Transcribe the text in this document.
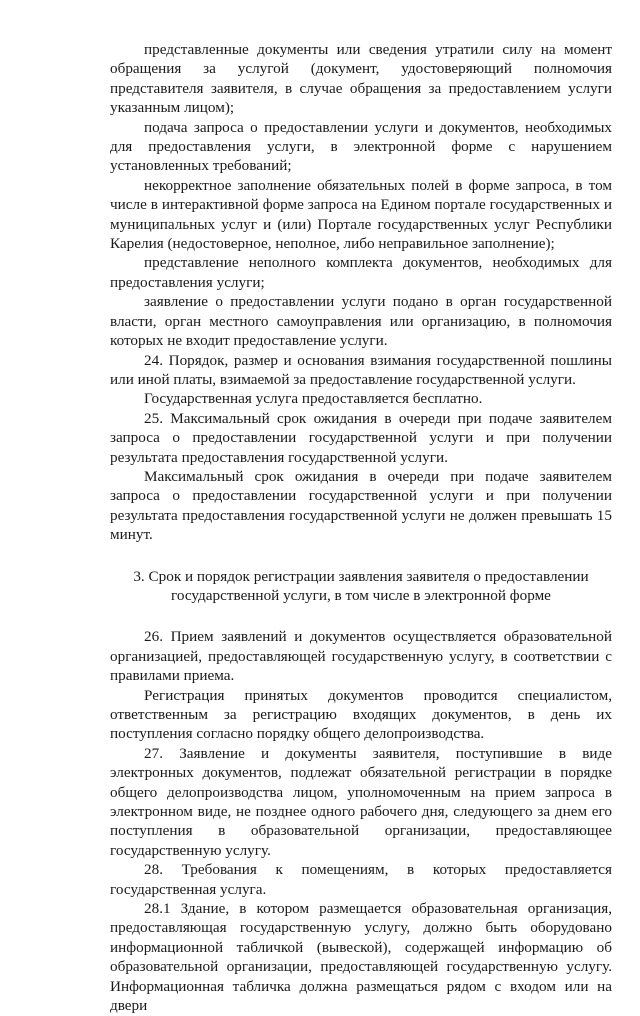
представленные документы или сведения утратили силу на момент обращения за услугой (документ, удостоверяющий полномочия представителя заявителя, в случае обращения за предоставлением услуги указанным лицом);

подача запроса о предоставлении услуги и документов, необходимых для предоставления услуги, в электронной форме с нарушением установленных требований;

некорректное заполнение обязательных полей в форме запроса, в том числе в интерактивной форме запроса на Едином портале государственных и муниципальных услуг и (или) Портале государственных услуг Республики Карелия (недостоверное, неполное, либо неправильное заполнение);

представление неполного комплекта документов, необходимых для предоставления услуги;

заявление о предоставлении услуги подано в орган государственной власти, орган местного самоуправления или организацию, в полномочия которых не входит предоставление услуги.

24. Порядок, размер и основания взимания государственной пошлины или иной платы, взимаемой за предоставление государственной услуги.

Государственная услуга предоставляется бесплатно.

25. Максимальный срок ожидания в очереди при подаче заявителем запроса о предоставлении государственной услуги и при получении результата предоставления государственной услуги.

Максимальный срок ожидания в очереди при подаче заявителем запроса о предоставлении государственной услуги и при получении результата предоставления государственной услуги не должен превышать 15 минут.

3. Срок и порядок регистрации заявления заявителя о предоставлении
государственной услуги, в том числе в электронной форме

26. Прием заявлений и документов осуществляется образовательной организацией, предоставляющей государственную услугу, в соответствии с правилами приема.

Регистрация принятых документов проводится специалистом, ответственным за регистрацию входящих документов, в день их поступления согласно порядку общего делопроизводства.

27. Заявление и документы заявителя, поступившие в виде электронных документов, подлежат обязательной регистрации в порядке общего делопроизводства лицом, уполномоченным на прием запроса в электронном виде, не позднее одного рабочего дня, следующего за днем его поступления в образовательной организации, предоставляющее государственную услугу.

28. Требования к помещениям, в которых предоставляется государственная услуга.

28.1 Здание, в котором размещается образовательная организация, предоставляющая государственную услугу, должно быть оборудовано информационной табличкой (вывеской), содержащей информацию об образовательной организации, предоставляющей государственную услугу. Информационная табличка должна размещаться рядом с входом или на двери
